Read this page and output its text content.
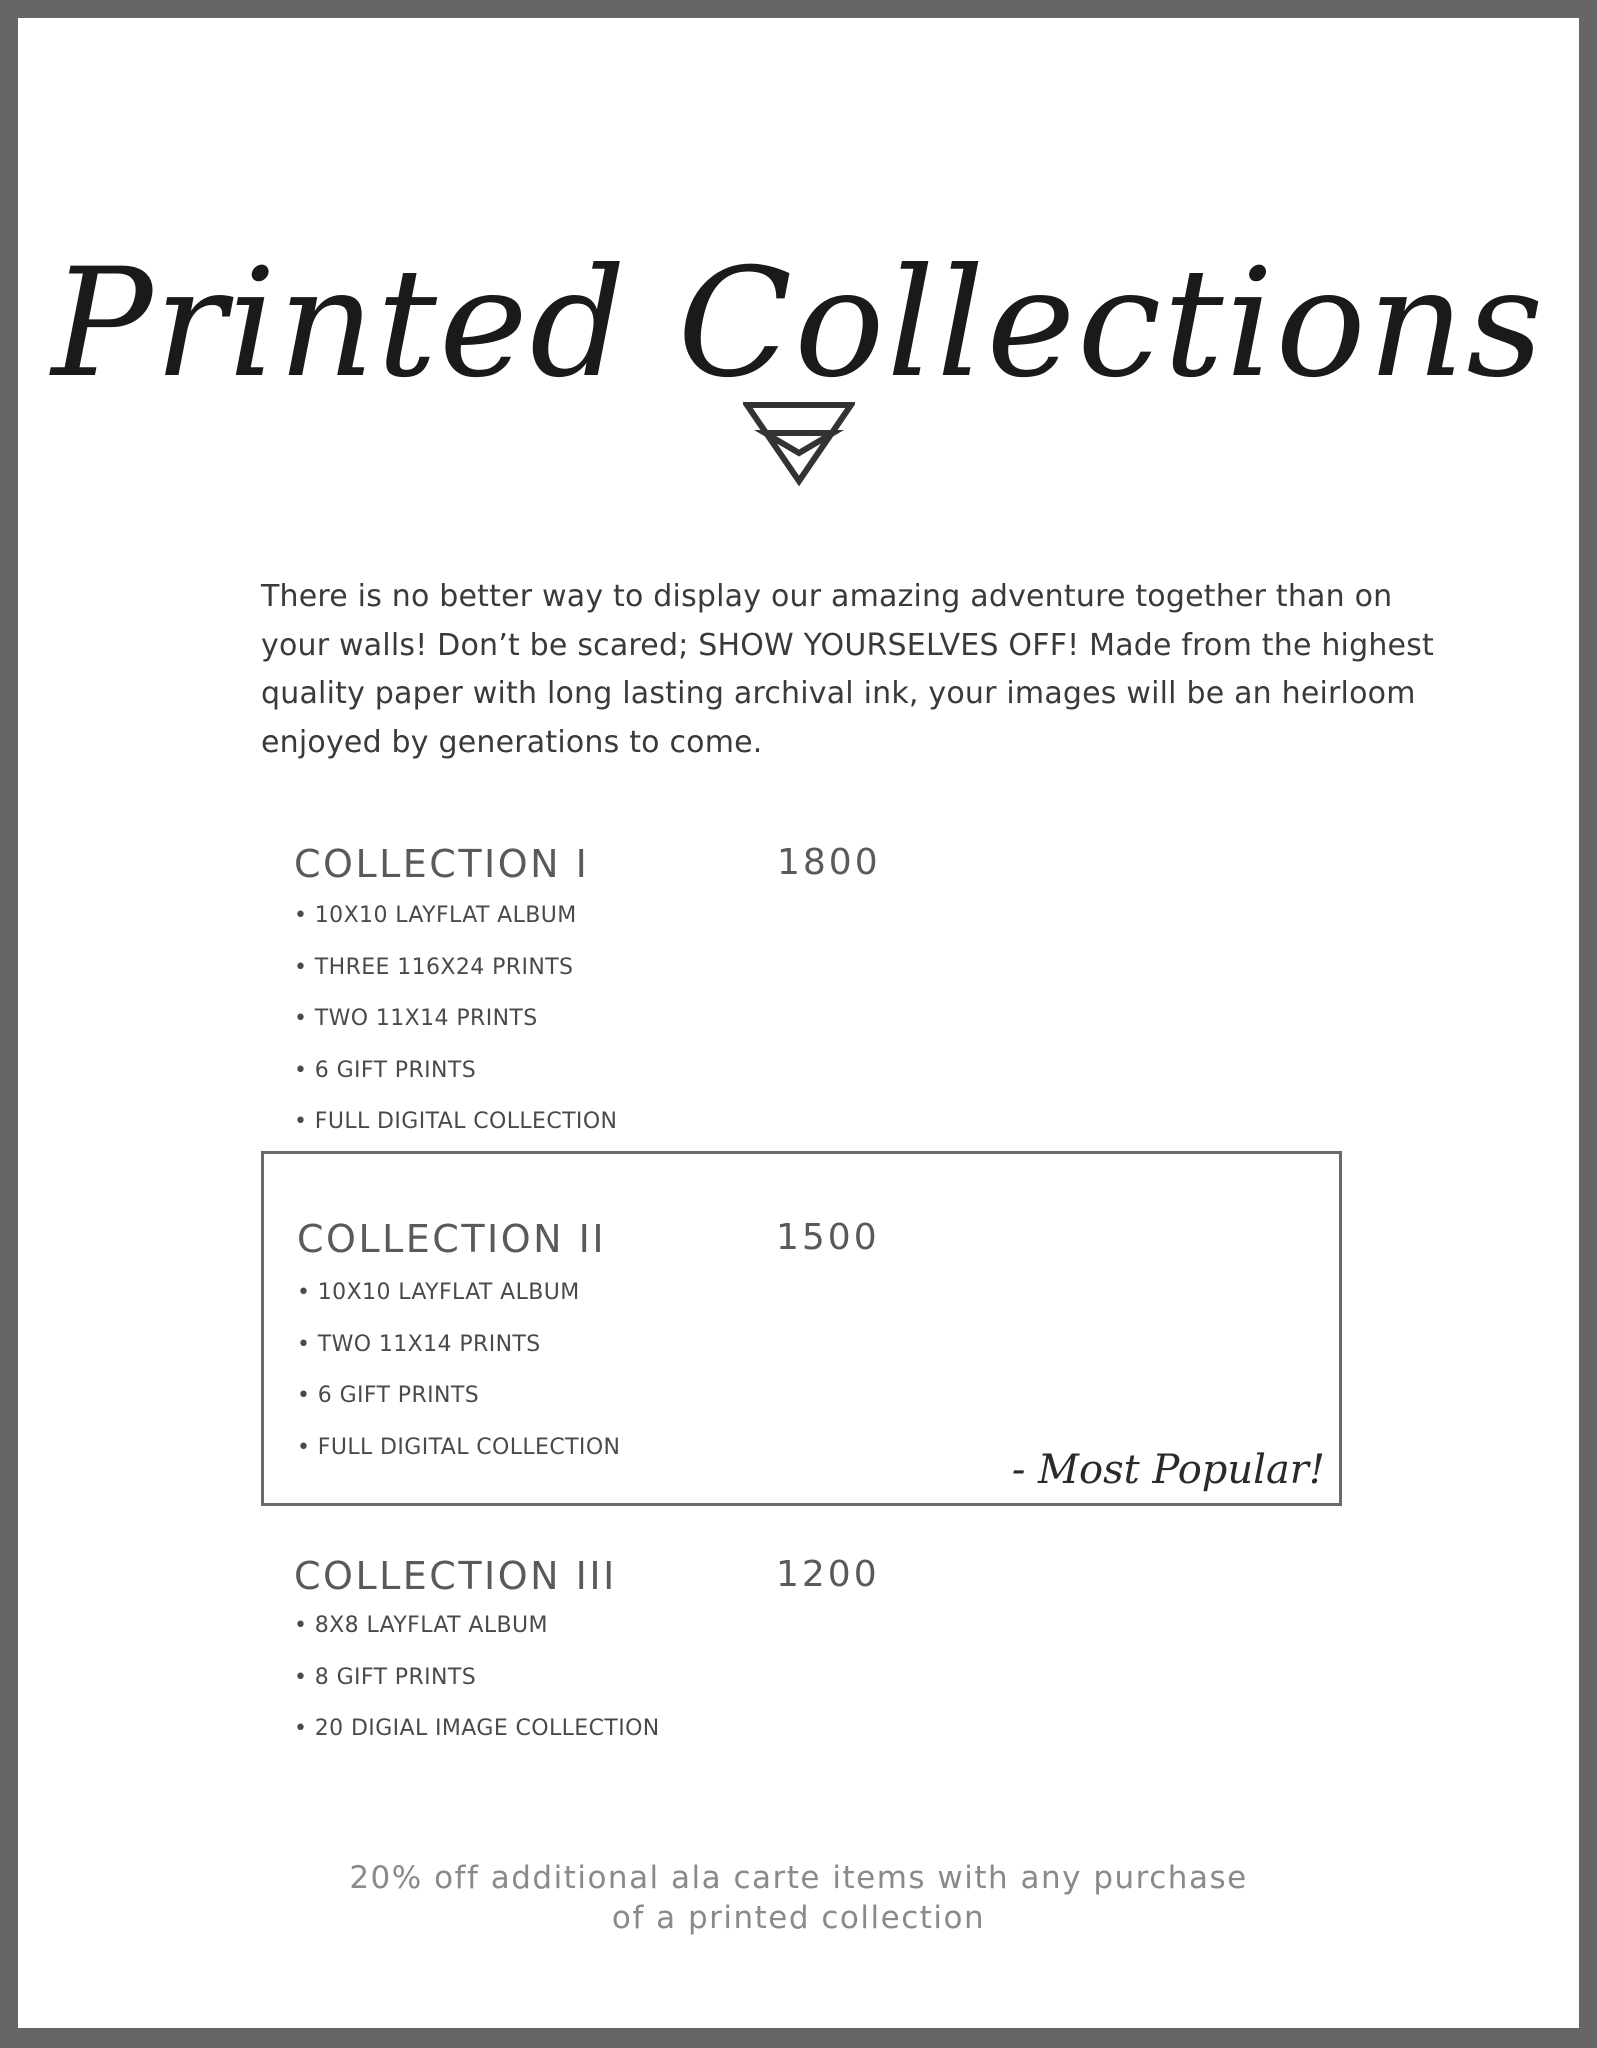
Printed Collections

There is no better way to display our amazing adventure together than on your walls! Don’t be scared; SHOW YOURSELVES OFF! Made from the highest quality paper with long lasting archival ink, your images will be an heirloom enjoyed by generations to come.

COLLECTION I	1800
• 10X10 LAYFLAT ALBUM
• THREE 116X24 PRINTS
• TWO 11X14 PRINTS
• 6 GIFT PRINTS
• FULL DIGITAL COLLECTION
- Most Popular!
COLLECTION II	1500
• 10X10 LAYFLAT ALBUM
• TWO 11X14 PRINTS
• 6 GIFT PRINTS
• FULL DIGITAL COLLECTION
COLLECTION III	1200
• 8X8 LAYFLAT ALBUM
• 8 GIFT PRINTS
• 20 DIGIAL IMAGE COLLECTION
20% off additional ala carte items with any purchase
of a printed collection
